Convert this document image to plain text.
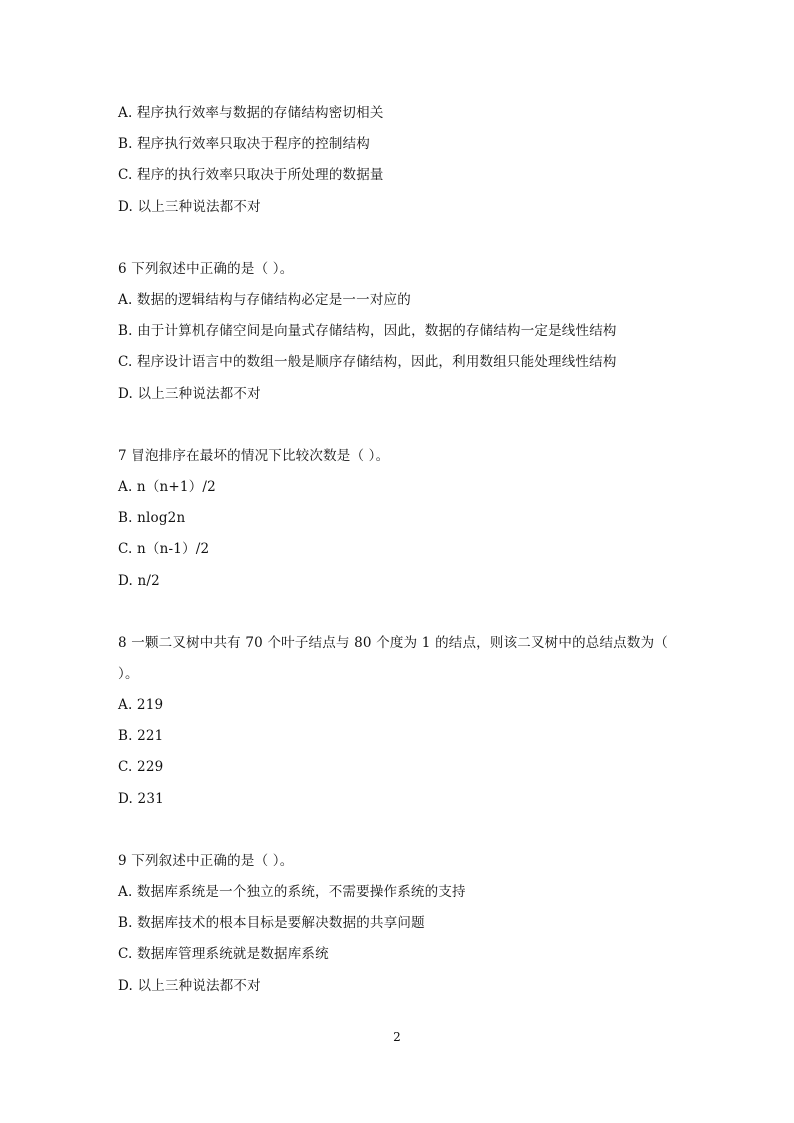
A. 程序执行效率与数据的存储结构密切相关
B. 程序执行效率只取决于程序的控制结构
C. 程序的执行效率只取决于所处理的数据量
D. 以上三种说法都不对
6 下列叙述中正确的是（ ）。
A. 数据的逻辑结构与存储结构必定是一一对应的
B. 由于计算机存储空间是向量式存储结构，因此，数据的存储结构一定是线性结构
C. 程序设计语言中的数组一般是顺序存储结构，因此，利用数组只能处理线性结构
D. 以上三种说法都不对
7 冒泡排序在最坏的情况下比较次数是（ ）。
A. n（n+1）/2
B. nlog2n
C. n（n-1）/2
D. n/2
8 一颗二叉树中共有 70 个叶子结点与 80 个度为 1 的结点，则该二叉树中的总结点数为（
）。
A. 219
B. 221
C. 229
D. 231
9 下列叙述中正确的是（ ）。
A. 数据库系统是一个独立的系统，不需要操作系统的支持
B. 数据库技术的根本目标是要解决数据的共享问题
C. 数据库管理系统就是数据库系统
D. 以上三种说法都不对
2
